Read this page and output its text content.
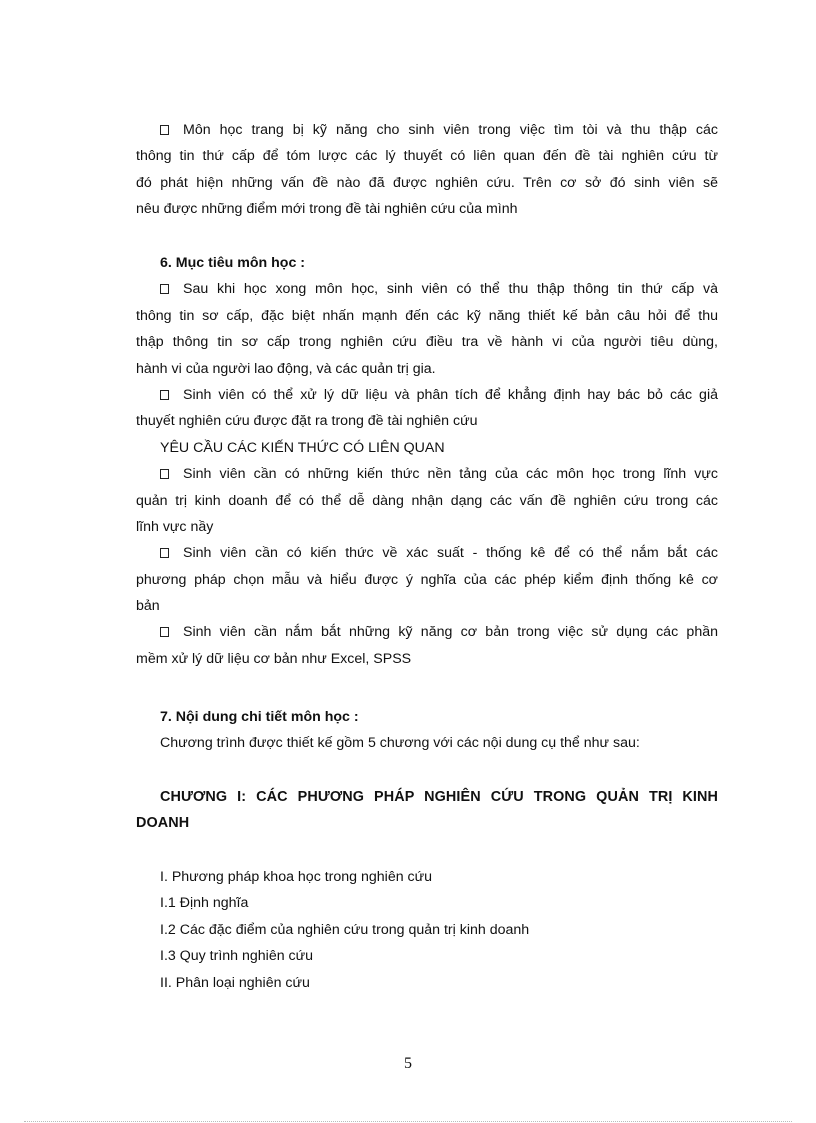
Môn học trang bị kỹ năng cho sinh viên trong việc tìm tòi và thu thập các
thông tin thứ cấp để tóm lược các lý thuyết có liên quan đến đề tài nghiên cứu từ
đó phát hiện những vấn đề nào đã được nghiên cứu. Trên cơ sở đó sinh viên sẽ
nêu được những điểm mới trong đề tài nghiên cứu của mình
6. Mục tiêu môn học :
Sau khi học xong môn học, sinh viên có thể thu thập thông tin thứ cấp và
thông tin sơ cấp, đặc biệt nhấn mạnh đến các kỹ năng thiết kế bản câu hỏi để thu
thập thông tin sơ cấp trong nghiên cứu điều tra về hành vi của người tiêu dùng,
hành vi của người lao động, và các quản trị gia.
Sinh viên có thể xử lý dữ liệu và phân tích để khẳng định hay bác bỏ các giả
thuyết nghiên cứu được đặt ra trong đề tài nghiên cứu
YÊU CẦU CÁC KIẾN THỨC CÓ LIÊN QUAN
Sinh viên cần có những kiến thức nền tảng của các môn học trong lĩnh vực
quản trị kinh doanh để có thể dễ dàng nhận dạng các vấn đề nghiên cứu trong các
lĩnh vực nầy
Sinh viên cần có kiến thức về xác suất - thống kê để có thể nắm bắt các
phương pháp chọn mẫu và hiểu được ý nghĩa của các phép kiểm định thống kê cơ
bản
Sinh viên cần nắm bắt những kỹ năng cơ bản trong việc sử dụng các phần
mềm xử lý dữ liệu cơ bản như Excel, SPSS
7. Nội dung chi tiết môn học :
Chương trình được thiết kế gồm 5 chương với các nội dung cụ thể như sau:
CHƯƠNG I: CÁC PHƯƠNG PHÁP NGHIÊN CỨU TRONG QUẢN TRỊ KINH
DOANH
I. Phương pháp khoa học trong nghiên cứu
I.1 Định nghĩa
I.2 Các đặc điểm của nghiên cứu trong quản trị kinh doanh
I.3 Quy trình nghiên cứu
II. Phân loại nghiên cứu
5
